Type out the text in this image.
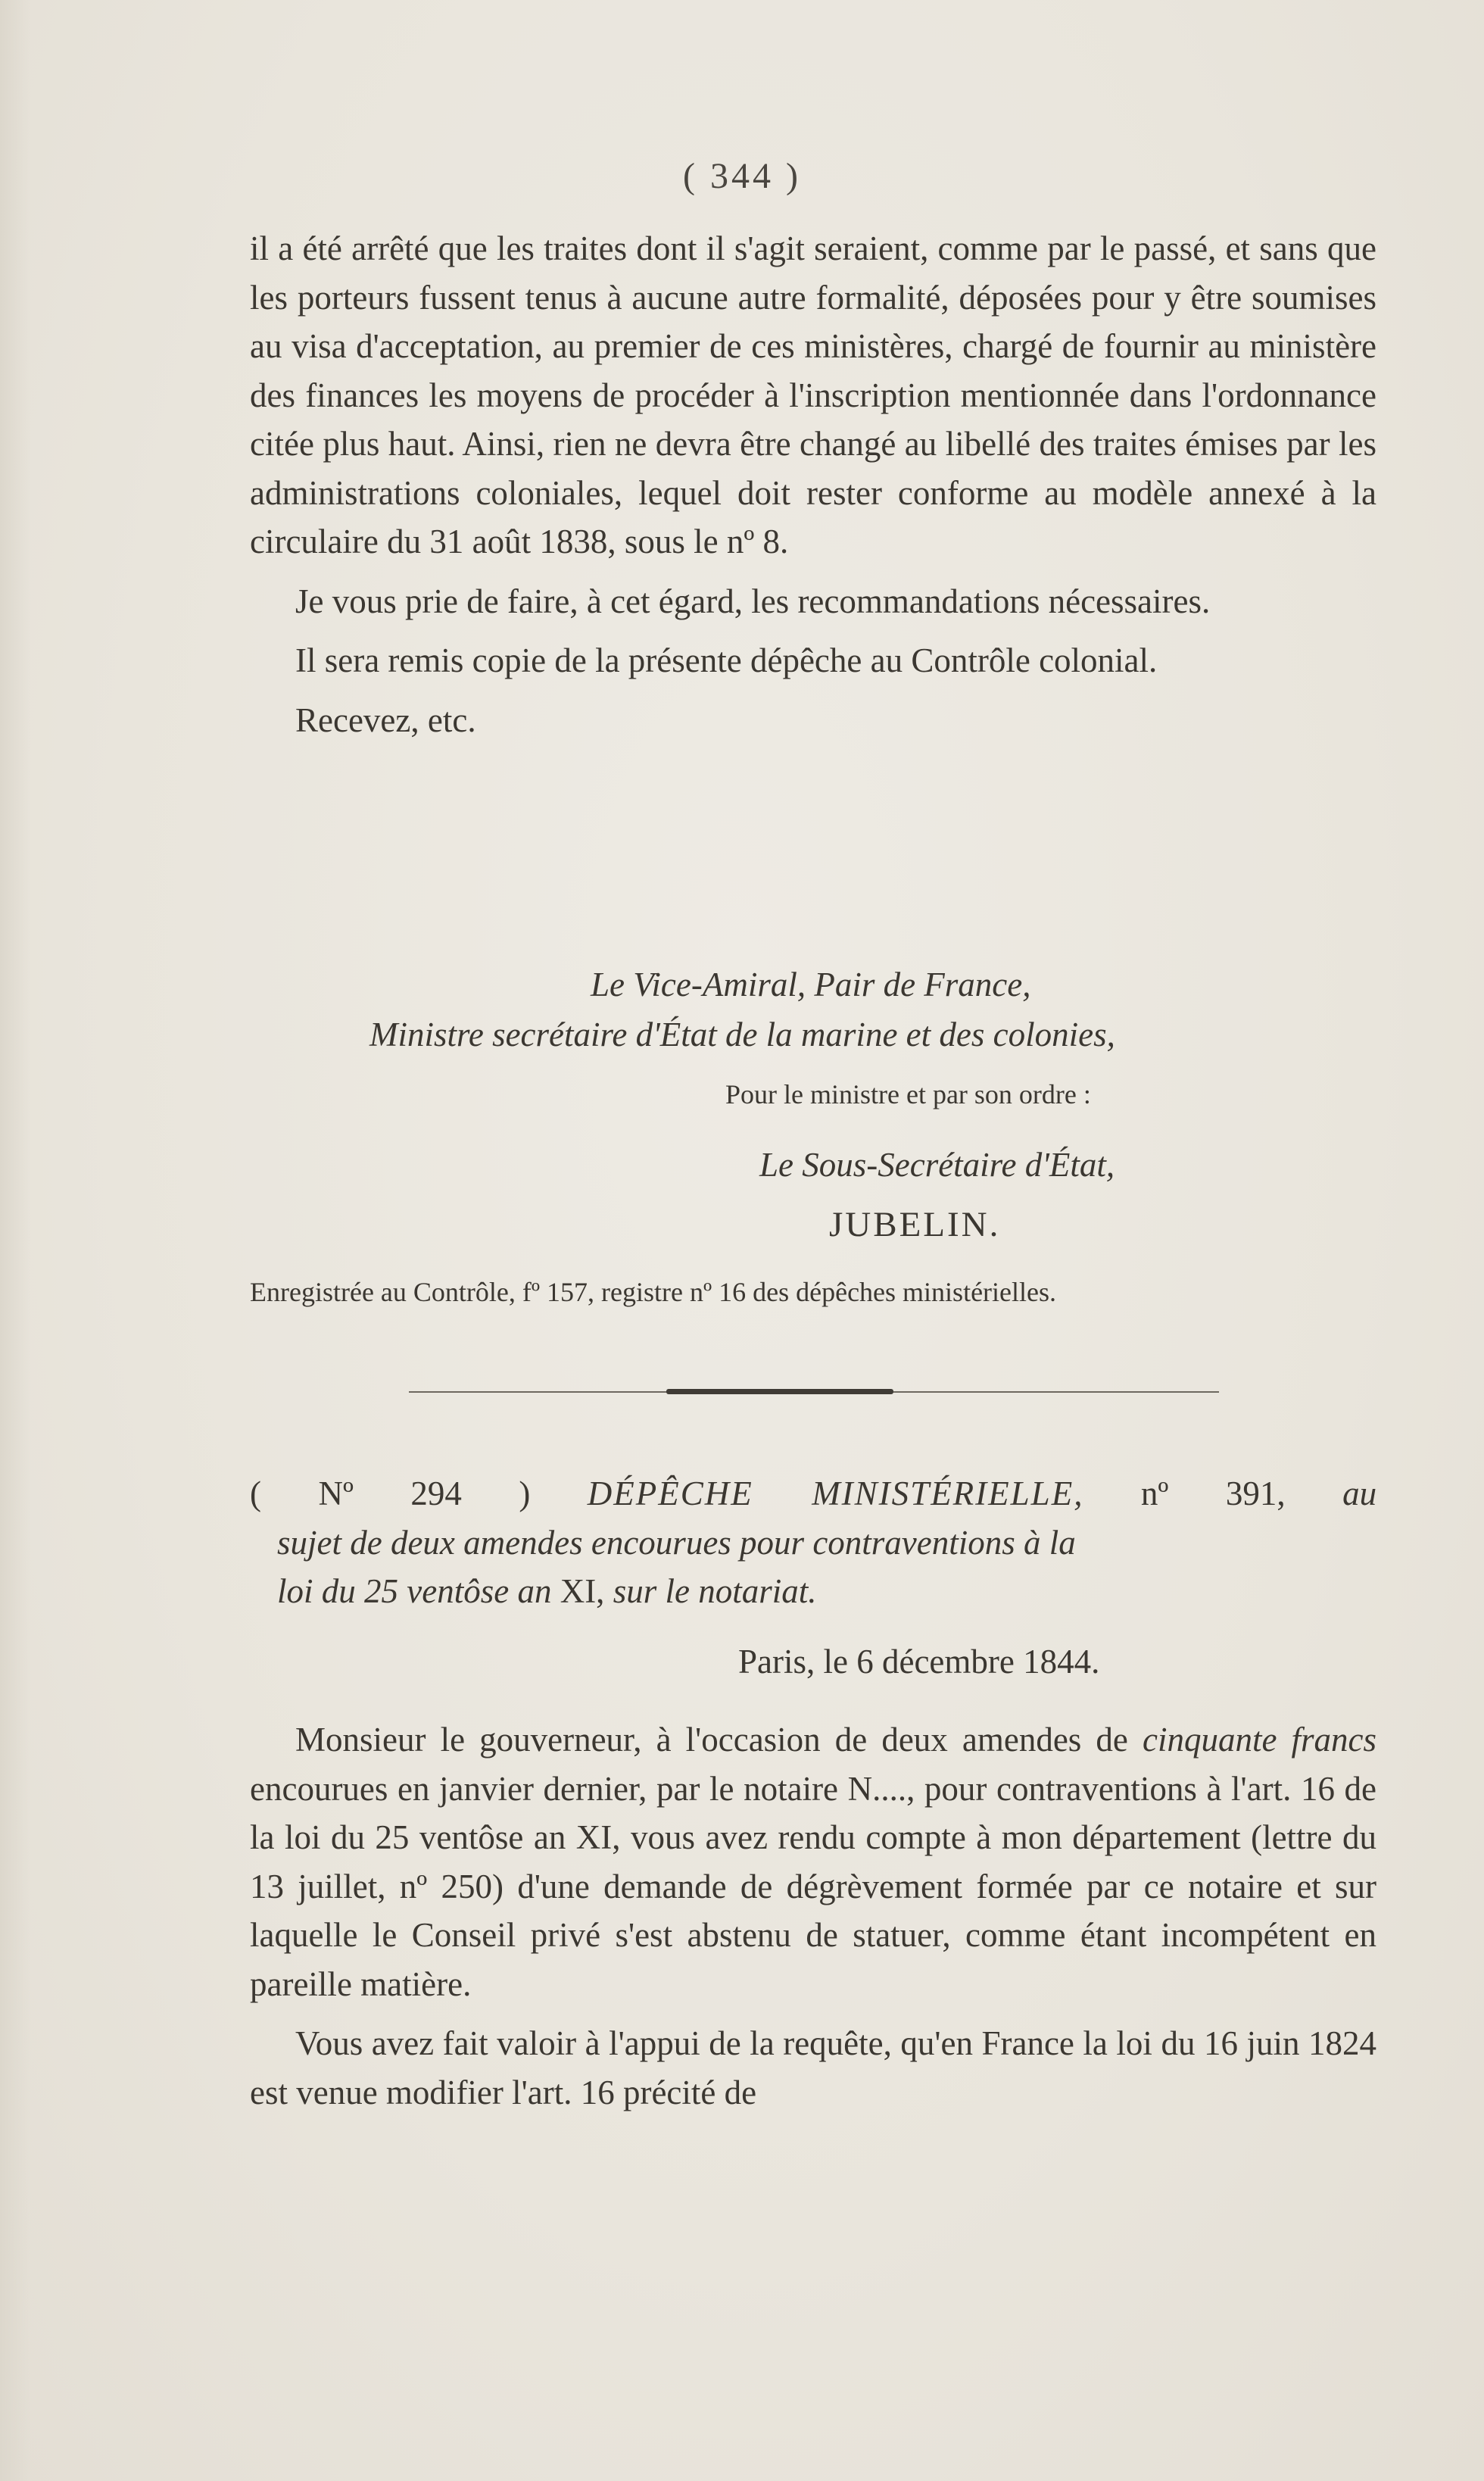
( 344 )

il a été arrêté que les traites dont il s'agit seraient, comme par le passé, et sans que les porteurs fussent tenus à aucune autre formalité, déposées pour y être soumises au visa d'acceptation, au premier de ces ministères, chargé de fournir au ministère des finances les moyens de procéder à l'inscription mentionnée dans l'ordonnance citée plus haut. Ainsi, rien ne devra être changé au libellé des traites émises par les administrations coloniales, lequel doit rester conforme au modèle annexé à la circulaire du 31 août 1838, sous le nº 8.

Je vous prie de faire, à cet égard, les recommandations nécessaires.

Il sera remis copie de la présente dépêche au Contrôle colonial.

Recevez, etc.

Le Vice-Amiral, Pair de France,
Ministre secrétaire d'État de la marine et des colonies,
Pour le ministre et par son ordre :
Le Sous-Secrétaire d'État,
JUBELIN.
Enregistrée au Contrôle, fº 157, registre nº 16 des dépêches ministérielles.
( Nº 294 ) DÉPÊCHE MINISTÉRIELLE, nº 391, au
sujet de deux amendes encourues pour contraventions à la
loi du 25 ventôse an XI, sur le notariat.
Paris, le 6 décembre 1844.

Monsieur le gouverneur, à l'occasion de deux amendes de cinquante francs encourues en janvier dernier, par le notaire N...., pour contraventions à l'art. 16 de la loi du 25 ventôse an XI, vous avez rendu compte à mon département (lettre du 13 juillet, nº 250) d'une demande de dégrèvement formée par ce notaire et sur laquelle le Conseil privé s'est abstenu de statuer, comme étant incompétent en pareille matière.

Vous avez fait valoir à l'appui de la requête, qu'en France la loi du 16 juin 1824 est venue modifier l'art. 16 précité de
